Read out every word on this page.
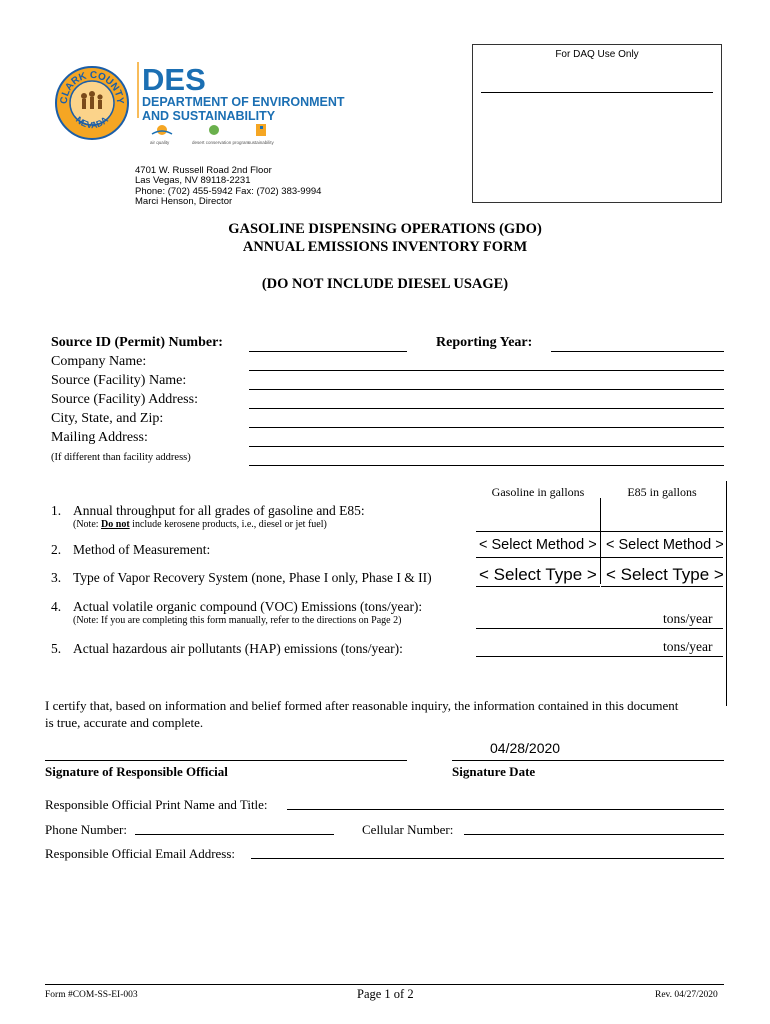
For DAQ Use Only
CLARK COUNTY
NEVADA
DES
DEPARTMENT OF ENVIRONMENT
AND SUSTAINABILITY
air quality	desert conservation program
sustainability
4701 W. Russell Road 2nd Floor
Las Vegas, NV 89118-2231
Phone: (702) 455-5942 Fax: (702) 383-9994
Marci Henson, Director
GASOLINE DISPENSING OPERATIONS (GDO)
ANNUAL EMISSIONS INVENTORY FORM
(DO NOT INCLUDE DIESEL USAGE)
Source ID (Permit) Number:	Reporting Year:
Company Name:
Source (Facility) Name:
Source (Facility) Address:
City, State, and Zip:
Mailing Address:
(If different than facility address)
Gasoline in gallons	E85 in gallons
1. Annual throughput for all grades of gasoline and E85:
(Note: Do not include kerosene products, i.e., diesel or jet fuel)
2. Method of Measurement:	< Select Method > < Select Method >
3. Type of Vapor Recovery System (none, Phase I only, Phase I & II)	< Select Type > < Select Type >
4. Actual volatile organic compound (VOC) Emissions (tons/year):
(Note: If you are completing this form manually, refer to the directions on Page 2)	tons/year
5. Actual hazardous air pollutants (HAP) emissions (tons/year):	tons/year
I certify that, based on information and belief formed after reasonable inquiry, the information contained in this document
is true, accurate and complete.
04/28/2020
Signature of Responsible Official	Signature Date
Responsible Official Print Name and Title:
Phone Number:	Cellular Number:
Responsible Official Email Address:
Form #COM-SS-EI-003	Page 1 of 2	Rev. 04/27/2020
